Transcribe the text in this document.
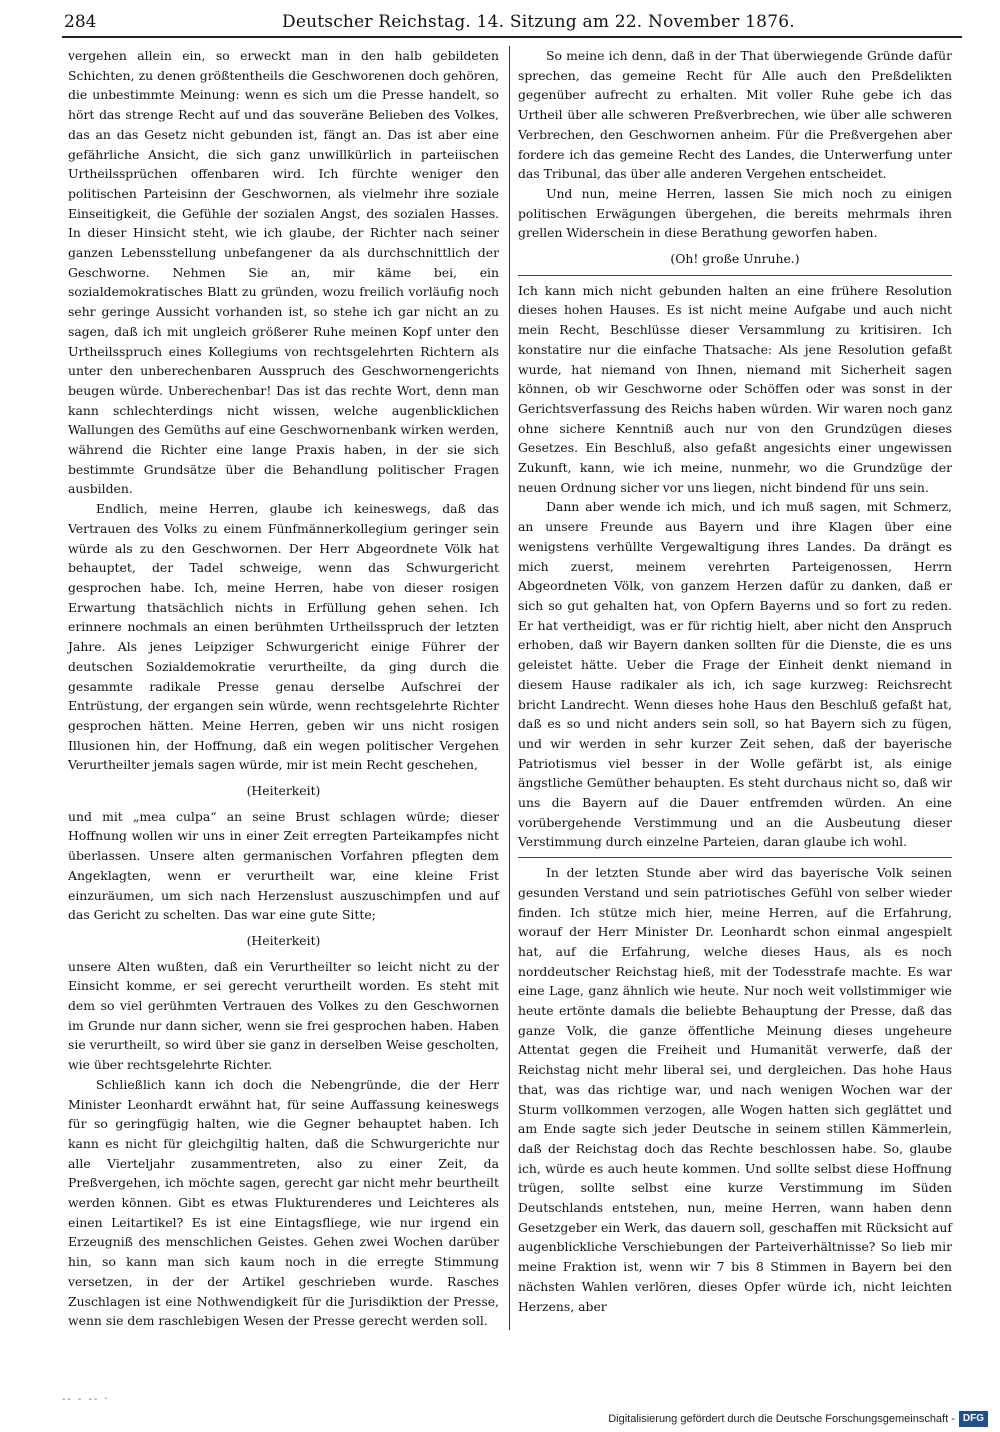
284	Deutscher Reichstag. 14. Sitzung am 22. November 1876.

vergehen allein ein, so erweckt man in den halb gebildeten Schichten, zu denen größtentheils die Geschworenen doch gehören, die unbestimmte Meinung: wenn es sich um die Presse handelt, so hört das strenge Recht auf und das souveräne Belieben des Volkes, das an das Gesetz nicht gebunden ist, fängt an. Das ist aber eine gefährliche Ansicht, die sich ganz unwillkürlich in parteiischen Urtheilssprüchen offenbaren wird. Ich fürchte weniger den politischen Parteisinn der Geschwornen, als vielmehr ihre soziale Einseitigkeit, die Gefühle der sozialen Angst, des sozialen Hasses. In dieser Hinsicht steht, wie ich glaube, der Richter nach seiner ganzen Lebensstellung unbefangener da als durchschnittlich der Geschworne. Nehmen Sie an, mir käme bei, ein sozialdemokratisches Blatt zu gründen, wozu freilich vorläufig noch sehr geringe Aussicht vorhanden ist, so stehe ich gar nicht an zu sagen, daß ich mit ungleich größerer Ruhe meinen Kopf unter den Urtheilsspruch eines Kollegiums von rechtsgelehrten Richtern als unter den unberechenbaren Ausspruch des Geschwornengerichts beugen würde. Unberechenbar! Das ist das rechte Wort, denn man kann schlechterdings nicht wissen, welche augenblicklichen Wallungen des Gemüths auf eine Geschwornenbank wirken werden, während die Richter eine lange Praxis haben, in der sie sich bestimmte Grundsätze über die Behandlung politischer Fragen ausbilden.

Endlich, meine Herren, glaube ich keineswegs, daß das Vertrauen des Volks zu einem Fünfmännerkollegium geringer sein würde als zu den Geschwornen. Der Herr Abgeordnete Völk hat behauptet, der Tadel schweige, wenn das Schwurgericht gesprochen habe. Ich, meine Herren, habe von dieser rosigen Erwartung thatsächlich nichts in Erfüllung gehen sehen. Ich erinnere nochmals an einen berühmten Urtheilsspruch der letzten Jahre. Als jenes Leipziger Schwurgericht einige Führer der deutschen Sozialdemokratie verurtheilte, da ging durch die gesammte radikale Presse genau derselbe Aufschrei der Entrüstung, der ergangen sein würde, wenn rechtsgelehrte Richter gesprochen hätten. Meine Herren, geben wir uns nicht rosigen Illusionen hin, der Hoffnung, daß ein wegen politischer Vergehen Verurtheilter jemals sagen würde, mir ist mein Recht geschehen,

(Heiterkeit)

und mit „mea culpa“ an seine Brust schlagen würde; dieser Hoffnung wollen wir uns in einer Zeit erregten Parteikampfes nicht überlassen. Unsere alten germanischen Vorfahren pflegten dem Angeklagten, wenn er verurtheilt war, eine kleine Frist einzuräumen, um sich nach Herzenslust auszuschimpfen und auf das Gericht zu schelten. Das war eine gute Sitte;

(Heiterkeit)

unsere Alten wußten, daß ein Verurtheilter so leicht nicht zu der Einsicht komme, er sei gerecht verurtheilt worden. Es steht mit dem so viel gerühmten Vertrauen des Volkes zu den Geschwornen im Grunde nur dann sicher, wenn sie frei gesprochen haben. Haben sie verurtheilt, so wird über sie ganz in derselben Weise gescholten, wie über rechtsgelehrte Richter.

Schließlich kann ich doch die Nebengründe, die der Herr Minister Leonhardt erwähnt hat, für seine Auffassung keineswegs für so geringfügig halten, wie die Gegner behauptet haben. Ich kann es nicht für gleichgiltig halten, daß die Schwurgerichte nur alle Vierteljahr zusammentreten, also zu einer Zeit, da Preßvergehen, ich möchte sagen, gerecht gar nicht mehr beurtheilt werden können. Gibt es etwas Flukturenderes und Leichteres als einen Leitartikel? Es ist eine Eintagsfliege, wie nur irgend ein Erzeugniß des menschlichen Geistes. Gehen zwei Wochen darüber hin, so kann man sich kaum noch in die erregte Stimmung versetzen, in der der Artikel geschrieben wurde. Rasches Zuschlagen ist eine Nothwendigkeit für die Jurisdiktion der Presse, wenn sie dem raschlebigen Wesen der Presse gerecht werden soll.

So meine ich denn, daß in der That überwiegende Gründe dafür sprechen, das gemeine Recht für Alle auch den Preßdelikten gegenüber aufrecht zu erhalten. Mit voller Ruhe gebe ich das Urtheil über alle schweren Preßverbrechen, wie über alle schweren Verbrechen, den Geschwornen anheim. Für die Preßvergehen aber fordere ich das gemeine Recht des Landes, die Unterwerfung unter das Tribunal, das über alle anderen Vergehen entscheidet.

Und nun, meine Herren, lassen Sie mich noch zu einigen politischen Erwägungen übergehen, die bereits mehrmals ihren grellen Widerschein in diese Berathung geworfen haben.

(Oh! große Unruhe.)

Ich kann mich nicht gebunden halten an eine frühere Resolution dieses hohen Hauses. Es ist nicht meine Aufgabe und auch nicht mein Recht, Beschlüsse dieser Versammlung zu kritisiren. Ich konstatire nur die einfache Thatsache: Als jene Resolution gefaßt wurde, hat niemand von Ihnen, niemand mit Sicherheit sagen können, ob wir Geschworne oder Schöffen oder was sonst in der Gerichtsverfassung des Reichs haben würden. Wir waren noch ganz ohne sichere Kenntniß auch nur von den Grundzügen dieses Gesetzes. Ein Beschluß, also gefaßt angesichts einer ungewissen Zukunft, kann, wie ich meine, nunmehr, wo die Grundzüge der neuen Ordnung sicher vor uns liegen, nicht bindend für uns sein.

Dann aber wende ich mich, und ich muß sagen, mit Schmerz, an unsere Freunde aus Bayern und ihre Klagen über eine wenigstens verhüllte Vergewaltigung ihres Landes. Da drängt es mich zuerst, meinem verehrten Parteigenossen, Herrn Abgeordneten Völk, von ganzem Herzen dafür zu danken, daß er sich so gut gehalten hat, von Opfern Bayerns und so fort zu reden. Er hat vertheidigt, was er für richtig hielt, aber nicht den Anspruch erhoben, daß wir Bayern danken sollten für die Dienste, die es uns geleistet hätte. Ueber die Frage der Einheit denkt niemand in diesem Hause radikaler als ich, ich sage kurzweg: Reichsrecht bricht Landrecht. Wenn dieses hohe Haus den Beschluß gefaßt hat, daß es so und nicht anders sein soll, so hat Bayern sich zu fügen, und wir werden in sehr kurzer Zeit sehen, daß der bayerische Patriotismus viel besser in der Wolle gefärbt ist, als einige ängstliche Gemüther behaupten. Es steht durchaus nicht so, daß wir uns die Bayern auf die Dauer entfremden würden. An eine vorübergehende Verstimmung und an die Ausbeutung dieser Verstimmung durch einzelne Parteien, daran glaube ich wohl.

In der letzten Stunde aber wird das bayerische Volk seinen gesunden Verstand und sein patriotisches Gefühl von selber wieder finden. Ich stütze mich hier, meine Herren, auf die Erfahrung, worauf der Herr Minister Dr. Leonhardt schon einmal angespielt hat, auf die Erfahrung, welche dieses Haus, als es noch norddeutscher Reichstag hieß, mit der Todesstrafe machte. Es war eine Lage, ganz ähnlich wie heute. Nur noch weit vollstimmiger wie heute ertönte damals die beliebte Behauptung der Presse, daß das ganze Volk, die ganze öffentliche Meinung dieses ungeheure Attentat gegen die Freiheit und Humanität verwerfe, daß der Reichstag nicht mehr liberal sei, und dergleichen. Das hohe Haus that, was das richtige war, und nach wenigen Wochen war der Sturm vollkommen verzogen, alle Wogen hatten sich geglättet und am Ende sagte sich jeder Deutsche in seinem stillen Kämmerlein, daß der Reichstag doch das Rechte beschlossen habe. So, glaube ich, würde es auch heute kommen. Und sollte selbst diese Hoffnung trügen, sollte selbst eine kurze Verstimmung im Süden Deutschlands entstehen, nun, meine Herren, wann haben denn Gesetzgeber ein Werk, das dauern soll, geschaffen mit Rücksicht auf augenblickliche Verschiebungen der Parteiverhältnisse? So lieb mir meine Fraktion ist, wenn wir 7 bis 8 Stimmen in Bayern bei den nächsten Wahlen verlören, dieses Opfer würde ich, nicht leichten Herzens, aber

-- - -- ·
Digitalisierung gefördert durch die Deutsche Forschungsgemeinschaft - DFG
